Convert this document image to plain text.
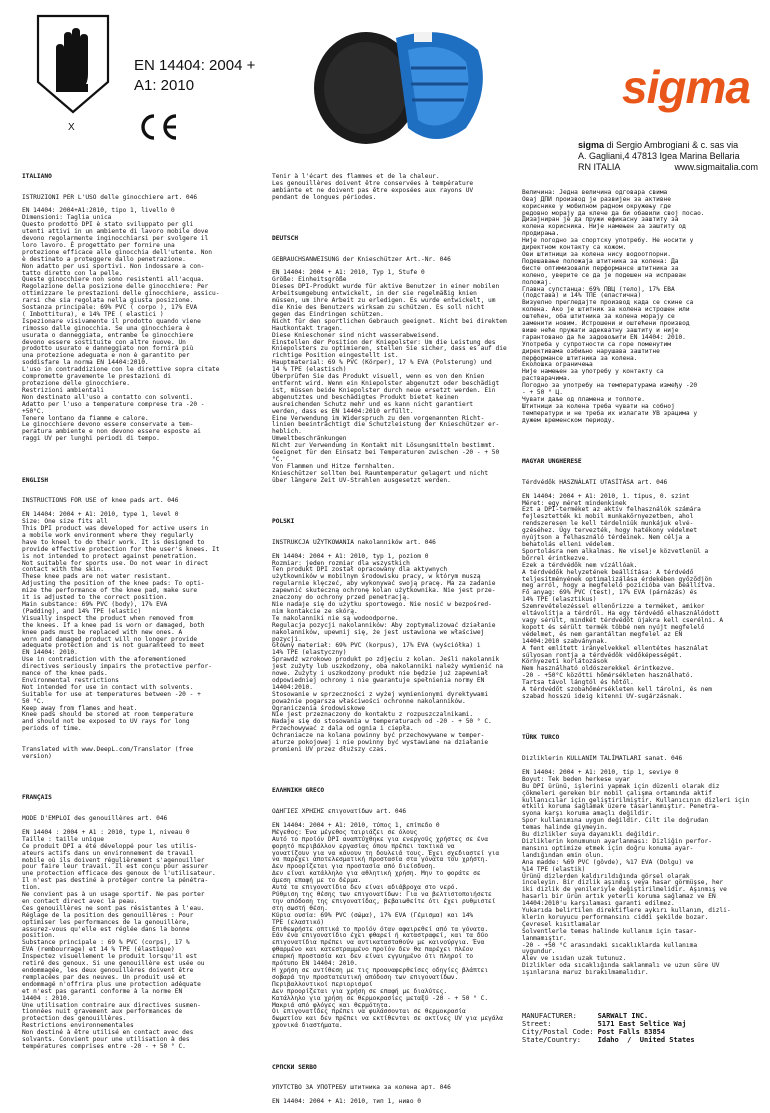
EN 14404: 2004 +
A1: 2010
X
sigma
sigma di Sergio Ambrogiani & c. sas via
A. Gagliani,4 47813 Igea Marina Bellaria
RN ITALIA	www.sigmaitalia.com

ITALIANO

ISTRUZIONI PER L'USO delle ginocchiere art. 046

EN 14404: 2004+A1:2010, tipo 1, livello 0

Dimensioni: Taglia unica

Questo prodotto DPI è stato sviluppato per gli

utenti attivi in un ambiente di lavoro mobile dove

devono regolarmente inginocchiarsi per svolgere il

loro lavoro. È progettato per fornire una

protezione efficace alle ginocchia dell'utente. Non

è destinato a proteggere dallo penetrazione.

Non adatto per usi sportivi. Non indossare a con-

tatto diretto con la pelle.

Queste ginocchiere non sono resistenti all'acqua.

Regolazione della posizione delle ginocchiere: Per

ottimizzare le prestazioni delle ginocchiere, assicu-

rarsi che sia regolata nella giusta posizione.

Sostanza principale: 69% PVC ( corpo ), 17% EVA

( Imbottitura), e 14% TPE ( elastici )

Ispezionare visivamente il prodotto quando viene

rimosso dalle ginocchia. Se una ginocchiera è

usurata o danneggiata, entrambe le ginocchiere

devono essere sostituite con altre nuove. Un

prodotto usurato e danneggiato non fornirà più

una protezione adeguata e non è garantito per

soddisfare la norma EN 14404:2010.

L'uso in contraddizione con le direttive sopra citate

compromette gravemente le prestazioni di

protezione delle ginocchiere.

Restrizioni ambientali

Non destinato all'uso a contatto con solventi.

Adatto per l'uso a temperature comprese tra -20 -

+50°C.

Tenere lontano da fiamme e calore.

Le ginocchiere devono essere conservate a tem-

peratura ambiente e non devono essere esposte ai

raggi UV per lunghi periodi di tempo.

ENGLISH

INSTRUCTIONS FOR USE of knee pads art. 046

EN 14404: 2004 + A1: 2010, type 1, level 0

Size: One size fits all

This DPI product was developed for active users in

a mobile work environment where they regularly

have to kneel to do their work. It is designed to

provide effective protection for the user's knees. It

is not intended to protect against penetration.

Not suitable for sports use. Do not wear in direct

contact with the skin.

These knee pads are not water resistant.

Adjusting the position of the knee pads: To opti-

mize the performance of the knee pad, make sure

it is adjusted to the correct position.

Main substance: 69% PVC (body), 17% EVA

(Padding), and 14% TPE (elastic)

Visually inspect the product when removed from

the knees. If a knee pad is worn or damaged, both

knee pads must be replaced with new ones. A

worn and damaged product will no longer provide

adequate protection and is not guaranteed to meet

EN 14404: 2010.

Use in contradiction with the aforementioned

directives seriously impairs the protective perfor-

mance of the knee pads.

Environmental restrictions

Not intended for use in contact with solvents.

Suitable for use at temperatures between -20 - +

50 °C.

Keep away from flames and heat.

Knee pads should be stored at room temperature

and should not be exposed to UV rays for long

periods of time.

Translated with www.DeepL.com/Translator (free

version)

FRANÇAIS

MODE D'EMPLOI des genouillères art. 046

EN 14404 : 2004 + A1 : 2010, type 1, niveau 0

Taille : taille unique

Ce produit DPI a été développé pour les utilis-

ateurs actifs dans un environnement de travail

mobile où ils doivent régulièrement s'agenouiller

pour faire leur travail. Il est conçu pour assurer

une protection efficace des genoux de l'utilisateur.

Il n'est pas destiné à protéger contre la pénétra-

tion.

Ne convient pas à un usage sportif. Ne pas porter

en contact direct avec la peau.

Ces genouillères ne sont pas résistantes à l'eau.

Réglage de la position des genouillères : Pour

optimiser les performances de la genouillère,

assurez-vous qu'elle est réglée dans la bonne

position.

Substance principale : 69 % PVC (corps), 17 %

EVA (rembourrage) et 14 % TPE (élastique)

Inspectez visuellement le produit lorsqu'il est

retiré des genoux. Si une genouillère est usée ou

endommagée, les deux genouillères doivent être

remplacées par des neuves. Un produit usé et

endommagé n'offrira plus une protection adéquate

et n'est pas garanti conforme à la norme EN

14404 : 2010.

Une utilisation contraire aux directives susmen-

tionnées nuit gravement aux performances de

protection des genouillères.

Restrictions environnementales

Non destiné à être utilisé en contact avec des

solvants. Convient pour une utilisation à des

températures comprises entre -20 - + 50 ° C.

Tenir à l'écart des flammes et de la chaleur.

Les genouillères doivent être conservées à température

ambiante et ne doivent pas être exposées aux rayons UV

pendant de longues périodes.

DEUTSCH

GEBRAUCHSANWEISUNG der Knieschützer Art.-Nr. 046

EN 14404: 2004 + A1: 2010, Typ 1, Stufe 0

Größe: Einheitsgröße

Dieses DPI-Produkt wurde für aktive Benutzer in einer mobilen

Arbeitsumgebung entwickelt, in der sie regelmäßig knien

müssen, um ihre Arbeit zu erledigen. Es wurde entwickelt, um

die Knie des Benutzers wirksam zu schützen. Es soll nicht

gegen das Eindringen schützen.

Nicht für den sportlichen Gebrauch geeignet. Nicht bei direktem

Hautkontakt tragen.

Diese Knieschoner sind nicht wasserabweisend.

Einstellen der Position der Kniepolster: Um die Leistung des

Kniepolsters zu optimieren, stellen Sie sicher, dass es auf die

richtige Position eingestellt ist.

Hauptmaterial: 69 % PVC (Körper), 17 % EVA (Polsterung) und

14 % TPE (elastisch)

Überprüfen Sie das Produkt visuell, wenn es von den Knien

entfernt wird. Wenn ein Kniepolster abgenutzt oder beschädigt

ist, müssen beide Kniepolster durch neue ersetzt werden. Ein

abgenutztes und beschädigtes Produkt bietet keinen

ausreichenden Schutz mehr und es kann nicht garantiert

werden, dass es EN 14404:2010 erfüllt.

Eine Verwendung im Widerspruch zu den vorgenannten Richt-

linien beeinträchtigt die Schutzleistung der Knieschützer er-

heblich.

Umweltbeschränkungen

Nicht zur Verwendung in Kontakt mit Lösungsmitteln bestimmt.

Geeignet für den Einsatz bei Temperaturen zwischen -20 - + 50

°C.

Von Flammen und Hitze fernhalten.

Knieschützer sollten bei Raumtemperatur gelagert und nicht

über längere Zeit UV-Strahlen ausgesetzt werden.

POLSKI

INSTRUKCJA UŻYTKOWANIA nakolanników art. 046

EN 14404: 2004 + A1: 2010, typ 1, poziom 0

Rozmiar: jeden rozmiar dla wszystkich

Ten produkt DPI został opracowany dla aktywnych

użytkowników w mobilnym środowisku pracy, w którym muszą

regularnie klęczeć, aby wykonywać swoją pracę. Ma za zadanie

zapewnić skuteczną ochronę kolan użytkownika. Nie jest prze-

znaczony do ochrony przed penetracją.

Nie nadaje się do użytku sportowego. Nie nosić w bezpośred-

nim kontakcie ze skórą.

Te nakolanniki nie są wodoodporne.

Regulacja pozycji nakolanników: Aby zoptymalizować działanie

nakolanników, upewnij się, że jest ustawiona we właściwej

pozycji.

Główny materiał: 69% PVC (korpus), 17% EVA (wyściółka) i

14% TPE (elastyczny)

Sprawdź wzrokowo produkt po zdjęciu z kolan. Jeśli nakolannik

jest zużyty lub uszkodzony, oba nakolanniki należy wymienić na

nowe. Zużyty i uszkodzony produkt nie będzie już zapewniał

odpowiedniej ochrony i nie gwarantuje spełnienia normy EN

14404:2010.

Stosowanie w sprzeczności z wyżej wymienionymi dyrektywami

poważnie pogarsza właściwości ochronne nakolanników.

Ograniczenia środowiskowe

Nie jest przeznaczony do kontaktu z rozpuszczalnikami.

Nadaje się do stosowania w temperaturach od -20 - + 50 ° C.

Przechowywać z dala od ognia i ciepła.

Ochraniacze na kolana powinny być przechowywane w temper-

aturze pokojowej i nie powinny być wystawiane na działanie

promieni UV przez dłuższy czas.

ΕΛΛΗΝΙΚΗ GRECO

ΟΔΗΓΙΕΣ ΧΡΗΣΗΣ επιγονατίδων art. 046

EN 14404: 2004 + A1: 2010, τύπος 1, επίπεδο 0

Μέγεθος: Ένα μέγεθος ταιριάζει σε όλους

Αυτό το προϊόν DPI αναπτύχθηκε για ενεργούς χρήστες σε ένα

φορητό περιβάλλον εργασίας όπου πρέπει τακτικά να

γονατίζουν για να κάνουν τη δουλειά τους. Έχει σχεδιαστεί για

να παρέχει αποτελεσματική προστασία στα γόνατα του χρήστη.

Δεν προορίζεται για προστασία από διείσδυση.

Δεν είναι κατάλληλο για αθλητική χρήση. Μην το φοράτε σε

άμεση επαφή με το δέρμα.

Αυτά τα επιγονατίδια δεν είναι αδιάβροχα στο νερό.

Ρύθμιση της θέσης των επιγονατίδων: Για να βελτιστοποιήσετε

την απόδοση της επιγονατίδας, βεβαιωθείτε ότι έχει ρυθμιστεί

στη σωστή θέση.

Κύρια ουσία: 69% PVC (σώμα), 17% EVA (Γέμισμα) και 14%

TPE (ελαστικό)

Επιθεωρήστε οπτικά το προϊόν όταν αφαιρεθεί από τα γόνατα.

Εάν ένα επιγονατίδιο έχει φθαρεί ή καταστραφεί, και τα δύο

επιγονατίδια πρέπει να αντικατασταθούν με καινούργια. Ένα

φθαρμένο και κατεστραμμένο προϊόν δεν θα παρέχει πλέον

επαρκή προστασία και δεν είναι εγγυημένο ότι πληροί το

πρότυπο EN 14404: 2010.

Η χρήση σε αντίθεση με τις προαναφερθείσες οδηγίες βλάπτει

σοβαρά την προστατευτική απόδοση των επιγονατίδων.

Περιβαλλοντικοί περιορισμοί

Δεν προορίζεται για χρήση σε επαφή με διαλύτες.

Κατάλληλο για χρήση σε θερμοκρασίες μεταξύ -20 - + 50 ° C.

Μακριά από φλόγες και θερμότητα.

Οι επιγονατίδες πρέπει να φυλάσσονται σε θερμοκρασία

δωματίου και δεν πρέπει να εκτίθενται σε ακτίνες UV για μεγάλα

χρονικά διαστήματα.

СРПСКИ SERBO

УПУТСТВО ЗА УПОТРЕБУ штитника за колена арт. 046

EN 14404: 2004 + A1: 2010, тип 1, ниво 0

Величина: Једна величина одговара свима

Овај ДПИ производ је развијен за активне

кориснике у мобилном радном окружењу где

редовно морају да клече да би обавили свој посао.

Дизајниран је да пружи ефикасну заштиту за

колена корисника. Није намењен за заштиту од

продирања.

Није погодно за спортску употребу. Не носити у

директном контакту са кожом.

Ови штитници за колена нису водоотпорни.

Подешавање положаја штитника за колена: Да

бисте оптимизовали перформансе штитника за

колено, уверите се да је подешен на исправан

положај.

Главна супстанца: 69% ПВЦ (тело), 17% ЕВА

(подстава) и 14% ТПЕ (еластична)

Визуелно прегледајте производ када се скине са

колена. Ако је штитник за колена истрошен или

оштећен, оба штитника за колена морају се

заменити новим. Истрошени и оштећени производ

више неће пружати адекватну заштиту и није

гарантовано да ће задовољити EN 14404: 2010.

Употреба у супротности са горе поменутим

директивама озбиљно нарушава заштитне

перформансе штитника за колена.

Еколошка ограничења

Није намењен за употребу у контакту са

растварачима.

Погодно за употребу на температурама између -20

- + 50 ° Ц.

Чувати даље од пламена и топлоте.

Штитници за колена треба чувати на собној

температури и не треба их излагати УВ зрацима у

дужем временском периоду.

MAGYAR UNGHERESE

Térdvédők HASZNÁLATI UTASÍTÁSA art. 046

EN 14404: 2004 + A1: 2010, 1. típus, 0. szint

Méret: egy méret mindenkinek

Ezt a DPI-terméket az aktív felhasználók számára

fejlesztették ki mobil munkakörnyezetben, ahol

rendszeresen le kell térdelniük munkájuk elvé-

gzéséhez. Úgy tervezték, hogy hatékony védelmet

nyújtson a felhasználó térdeinek. Nem célja a

behatolás elleni védelem.

Sportolásra nem alkalmas. Ne viselje közvetlenül a

bőrrel érintkezve.

Ezek a térdvédők nem vízállóak.

A térdvédők helyzetének beállítása: A térdvédő

teljesítményének optimalizálása érdekében győződjön

meg arról, hogy a megfelelő pozícióba van beállítva.

Fő anyag: 69% PVC (test), 17% EVA (párnázás) és

14% TPE (elasztikus)

Szemrevételezéssel ellenőrizze a terméket, amikor

eltávolítja a térdről. Ha egy térdvédő elhasználódott

vagy sérült, mindkét térdvédőt újakra kell cserélni. A

kopott és sérült termék többé nem nyújt megfelelő

védelmet, és nem garantáltan megfelel az EN

14404:2010 szabványnak.

A fent említett irányelvekkel ellentétes használat

súlyosan rontja a térdvédők védőképességét.

Környezeti korlátozások

Nem használható oldószerekkel érintkezve.

-20 - +50°C közötti hőmérsékleten használható.

Tartsa távol lángtól és hőtől.

A térdvédőt szobahőmérsékleten kell tárolni, és nem

szabad hosszú ideig kitenni UV-sugárzásnak.

TÜRK TURCO

Dizliklerin KULLANIM TALİMATLARI sanat. 046

EN 14404: 2004 + A1: 2010, tip 1, seviye 0

Boyut: Tek beden herkese uyar

Bu DPI ürünü, işlerini yapmak için düzenli olarak diz

çökmeleri gereken bir mobil çalışma ortamında aktif

kullanıcılar için geliştirilmiştir. Kullanıcının dizleri için

etkili koruma sağlamak üzere tasarlanmıştır. Penetra-

syona karşı koruma amaçlı değildir.

Spor kullanımına uygun değildir. Cilt ile doğrudan

temas halinde giymeyin.

Bu dizlikler suya dayanıklı değildir.

Dizliklerin konumunun ayarlanması: Dizliğin perfor-

mansını optimize etmek için doğru konuma ayar-

landığından emin olun.

Ana madde: %69 PVC (gövde), %17 EVA (Dolgu) ve

%14 TPE (elastik)

Ürünü dizlerden kaldırıldığında görsel olarak

inceleyin. Bir dizlik aşınmış veya hasar görmüşse, her

iki dizlik de yenileriyle değiştirilmelidir. Aşınmış ve

hasarlı bir ürün artık yeterli koruma sağlamaz ve EN

14404:2010'u karşılaması garanti edilmez.

Yukarıda belirtilen direktiflere aykırı kullanım, dizli-

klerin koruyucu performansını ciddi şekilde bozar.

Çevresel kısıtlamalar

Solventlerle temas halinde kullanım için tasar-

lanmamıştır.

-20 - +50 °C arasındaki sıcaklıklarda kullanıma

uygundur.

Alev ve ısıdan uzak tutunuz.

Dizlikler oda sıcaklığında saklanmalı ve uzun süre UV

ışınlarına maruz bırakılmamalıdır.

MANUFACTURER:	SARWALT INC.
Street:	5171 East Seltice Waj
City/Postal Code:	Post Falls 83854
State/Country:	Idaho  /  United States
